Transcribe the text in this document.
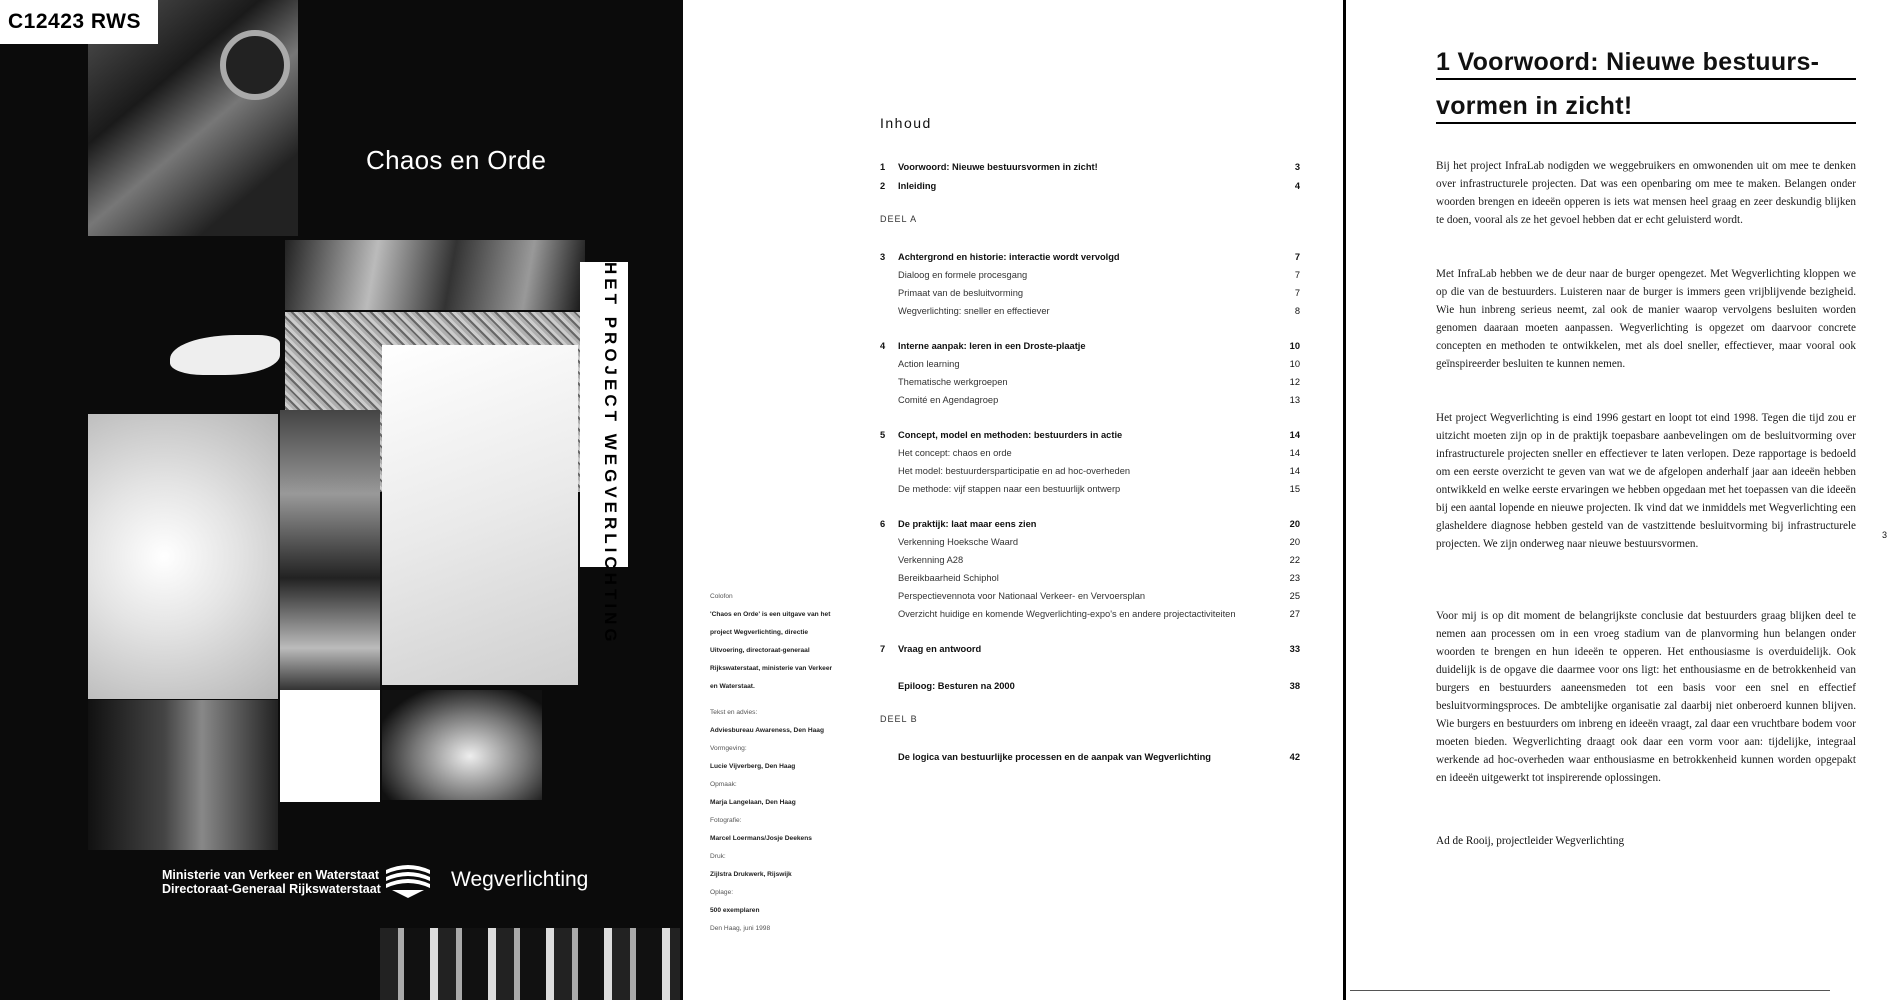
C12423 RWS
Chaos en Orde
HET PROJECT WEGVERLICHTING
Ministerie van Verkeer en Waterstaat
Directoraat-Generaal Rijkswaterstaat	Wegverlichting
Colofon
'Chaos en Orde' is een uitgave van het
project Wegverlichting, directie
Uitvoering, directoraat-generaal
Rijkswaterstaat, ministerie van Verkeer
en Waterstaat.
Tekst en advies:
Adviesbureau Awareness, Den Haag
Vormgeving:
Lucie Vijverberg, Den Haag
Opmaak:
Marja Langelaan, Den Haag
Fotografie:
Marcel Loermans/Josje Deekens
Druk:
Zijlstra Drukwerk, Rijswijk
Oplage:
500 exemplaren
Den Haag, juni 1998
Inhoud
1 Voorwoord: Nieuwe bestuursvormen in zicht!	3
2 Inleiding	4
DEEL A
3 Achtergrond en historie: interactie wordt vervolgd	7
Dialoog en formele procesgang	7
Primaat van de besluitvorming	7
Wegverlichting: sneller en effectiever	8
4 Interne aanpak: leren in een Droste-plaatje	10
Action learning	10
Thematische werkgroepen	12
Comité en Agendagroep	13
5 Concept, model en methoden: bestuurders in actie	14
Het concept: chaos en orde	14
Het model: bestuurdersparticipatie en ad hoc-overheden	14
De methode: vijf stappen naar een bestuurlijk ontwerp	15
6 De praktijk: laat maar eens zien	20
Verkenning Hoeksche Waard	20
Verkenning A28	22
Bereikbaarheid Schiphol	23
Perspectievennota voor Nationaal Verkeer- en Vervoersplan	25
Overzicht huidige en komende Wegverlichting-expo's en andere projectactiviteiten	27
7 Vraag en antwoord	33
Epiloog: Besturen na 2000	38
DEEL B
De logica van bestuurlijke processen en de aanpak van Wegverlichting	42
1 Voorwoord: Nieuwe bestuurs-
vormen in zicht!
Bij het project InfraLab nodigden we weggebruikers en omwonenden uit om mee te denken over infrastructurele projecten. Dat was een openbaring om mee te maken. Belangen onder woorden brengen en ideeën opperen is iets wat mensen heel graag en zeer deskundig blijken te doen, vooral als ze het gevoel hebben dat er echt geluisterd wordt.
Met InfraLab hebben we de deur naar de burger opengezet. Met Wegverlichting kloppen we op die van de bestuurders. Luisteren naar de burger is immers geen vrijblijvende bezigheid. Wie hun inbreng serieus neemt, zal ook de manier waarop vervolgens besluiten worden genomen daaraan moeten aanpassen. Wegverlichting is opgezet om daarvoor concrete concepten en methoden te ontwikkelen, met als doel sneller, effectiever, maar vooral ook geïnspireerder besluiten te kunnen nemen.
Het project Wegverlichting is eind 1996 gestart en loopt tot eind 1998. Tegen die tijd zou er uitzicht moeten zijn op in de praktijk toepasbare aanbevelingen om de besluitvorming over infrastructurele projecten sneller en effectiever te laten verlopen. Deze rapportage is bedoeld om een eerste overzicht te geven van wat we de afgelopen anderhalf jaar aan ideeën hebben ontwikkeld en welke eerste ervaringen we hebben opgedaan met het toepassen van die ideeën bij een aantal lopende en nieuwe projecten. Ik vind dat we inmiddels met Wegverlichting een glasheldere diagnose hebben gesteld van de vastzittende besluitvorming bij infrastructurele projecten. We zijn onderweg naar nieuwe bestuursvormen.
Voor mij is op dit moment de belangrijkste conclusie dat bestuurders graag blijken deel te nemen aan processen om in een vroeg stadium van de planvorming hun belangen onder woorden te brengen en hun ideeën te opperen. Het enthousiasme is overduidelijk. Ook duidelijk is de opgave die daarmee voor ons ligt: het enthousiasme en de betrokkenheid van burgers en bestuurders aaneensmeden tot een basis voor een snel en effectief besluitvormingsproces. De ambtelijke organisatie zal daarbij niet onberoerd kunnen blijven. Wie burgers en bestuurders om inbreng en ideeën vraagt, zal daar een vruchtbare bodem voor moeten bieden. Wegverlichting draagt ook daar een vorm voor aan: tijdelijke, integraal werkende ad hoc-overheden waar enthousiasme en betrokkenheid kunnen worden opgepakt en ideeën uitgewerkt tot inspirerende oplossingen.
Ad de Rooij, projectleider Wegverlichting
3
